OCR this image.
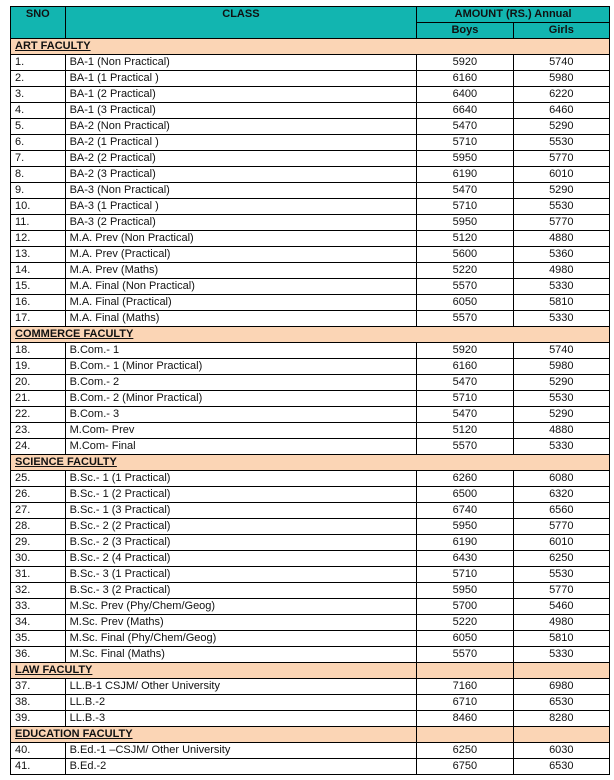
SNO	CLASS	AMOUNT (RS.) Annual	
		Boys	Girls
ART FACULTY			
1.	BA-1 (Non Practical)	5920	5740
2.	BA-1 (1 Practical )	6160	5980
3.	BA-1 (2 Practical)	6400	6220
4.	BA-1 (3 Practical)	6640	6460
5.	BA-2 (Non Practical)	5470	5290
6.	BA-2 (1 Practical )	5710	5530
7.	BA-2 (2 Practical)	5950	5770
8.	BA-2 (3 Practical)	6190	6010
9.	BA-3 (Non Practical)	5470	5290
10.	BA-3 (1 Practical )	5710	5530
11.	BA-3 (2 Practical)	5950	5770
12.	M.A. Prev (Non Practical)	5120	4880
13.	M.A. Prev (Practical)	5600	5360
14.	M.A. Prev (Maths)	5220	4980
15.	M.A. Final (Non Practical)	5570	5330
16.	M.A. Final (Practical)	6050	5810
17.	M.A. Final (Maths)	5570	5330
COMMERCE FACULTY			
18.	B.Com.- 1	5920	5740
19.	B.Com.- 1 (Minor Practical)	6160	5980
20.	B.Com.- 2	5470	5290
21.	B.Com.- 2 (Minor Practical)	5710	5530
22.	B.Com.- 3	5470	5290
23.	M.Com- Prev	5120	4880
24.	M.Com- Final	5570	5330
SCIENCE FACULTY			
25.	B.Sc.- 1 (1 Practical)	6260	6080
26.	B.Sc.- 1 (2 Practical)	6500	6320
27.	B.Sc.- 1 (3 Practical)	6740	6560
28.	B.Sc.- 2 (2 Practical)	5950	5770
29.	B.Sc.- 2 (3 Practical)	6190	6010
30.	B.Sc.- 2 (4 Practical)	6430	6250
31.	B.Sc.- 3 (1 Practical)	5710	5530
32.	B.Sc.- 3 (2 Practical)	5950	5770
33.	M.Sc. Prev (Phy/Chem/Geog)	5700	5460
34.	M.Sc. Prev (Maths)	5220	4980
35.	M.Sc. Final (Phy/Chem/Geog)	6050	5810
36.	M.Sc. Final (Maths)	5570	5330
LAW FACULTY			
37.	LL.B-1 CSJM/ Other University	7160	6980
38.	LL.B.-2	6710	6530
39.	LL.B.-3	8460	8280
EDUCATION FACULTY			
40.	B.Ed.-1 –CSJM/ Other University	6250	6030
41.	B.Ed.-2	6750	6530
